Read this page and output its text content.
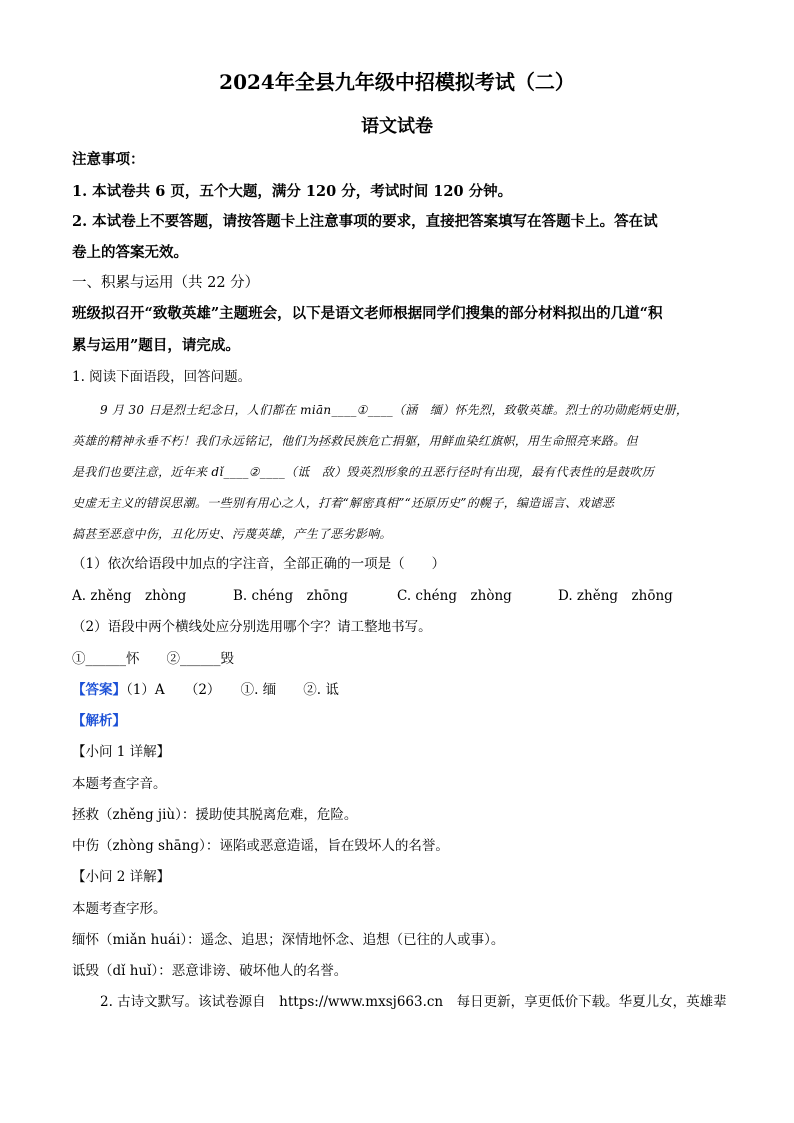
2024年全县九年级中招模拟考试（二）
语文试卷
注意事项：
1. 本试卷共 6 页，五个大题，满分 120 分，考试时间 120 分钟。
2. 本试卷上不要答题，请按答题卡上注意事项的要求，直接把答案填写在答题卡上。答在试
卷上的答案无效。
一、积累与运用（共 22 分）
班级拟召开“致敬英雄”主题班会，以下是语文老师根据同学们搜集的部分材料拟出的几道“积
累与运用”题目，请完成。
1. 阅读下面语段，回答问题。
9 月 30 日是烈士纪念日，人们都在 miān____①____（涵　缅）怀先烈，致敬英雄。烈士的功勋彪炳史册，
英雄的精神永垂不朽！我们永远铭记，他们为拯救民族危亡捐躯，用鲜血染红旗帜，用生命照亮来路。但
是我们也要注意，近年来 dǐ____②____（诋　敌）毁英烈形象的丑恶行径时有出现，最有代表性的是鼓吹历
史虚无主义的错误思潮。一些别有用心之人，打着“解密真相”“还原历史”的幌子，编造谣言、戏谑恶
搞甚至恶意中伤，丑化历史、污蔑英雄，产生了恶劣影响。
（1）依次给语段中加点的字注音，全部正确的一项是（　　）
A. zhěng　zhòng	B. chéng　zhōng	C. chéng　zhòng	D. zhěng　zhōng
（2）语段中两个横线处应分别选用哪个字？请工整地书写。
①______怀　　②______毁
【答案】（1）A　　（2）　　①. 缅　　②. 诋
【解析】
【小问 1 详解】
本题考查字音。
拯救（zhěng jiù）：援助使其脱离危难，危险。
中伤（zhòng shāng）：诬陷或恶意造谣，旨在毁坏人的名誉。
【小问 2 详解】
本题考查字形。
缅怀（miǎn huái）：遥念、追思；深情地怀念、追想（已往的人或事）。
诋毁（dǐ huǐ）：恶意诽谤、破坏他人的名誉。
2. 古诗文默写。该试卷源自　https://www.mxsj663.cn　每日更新，享更低价下载。华夏儿女，英雄辈
